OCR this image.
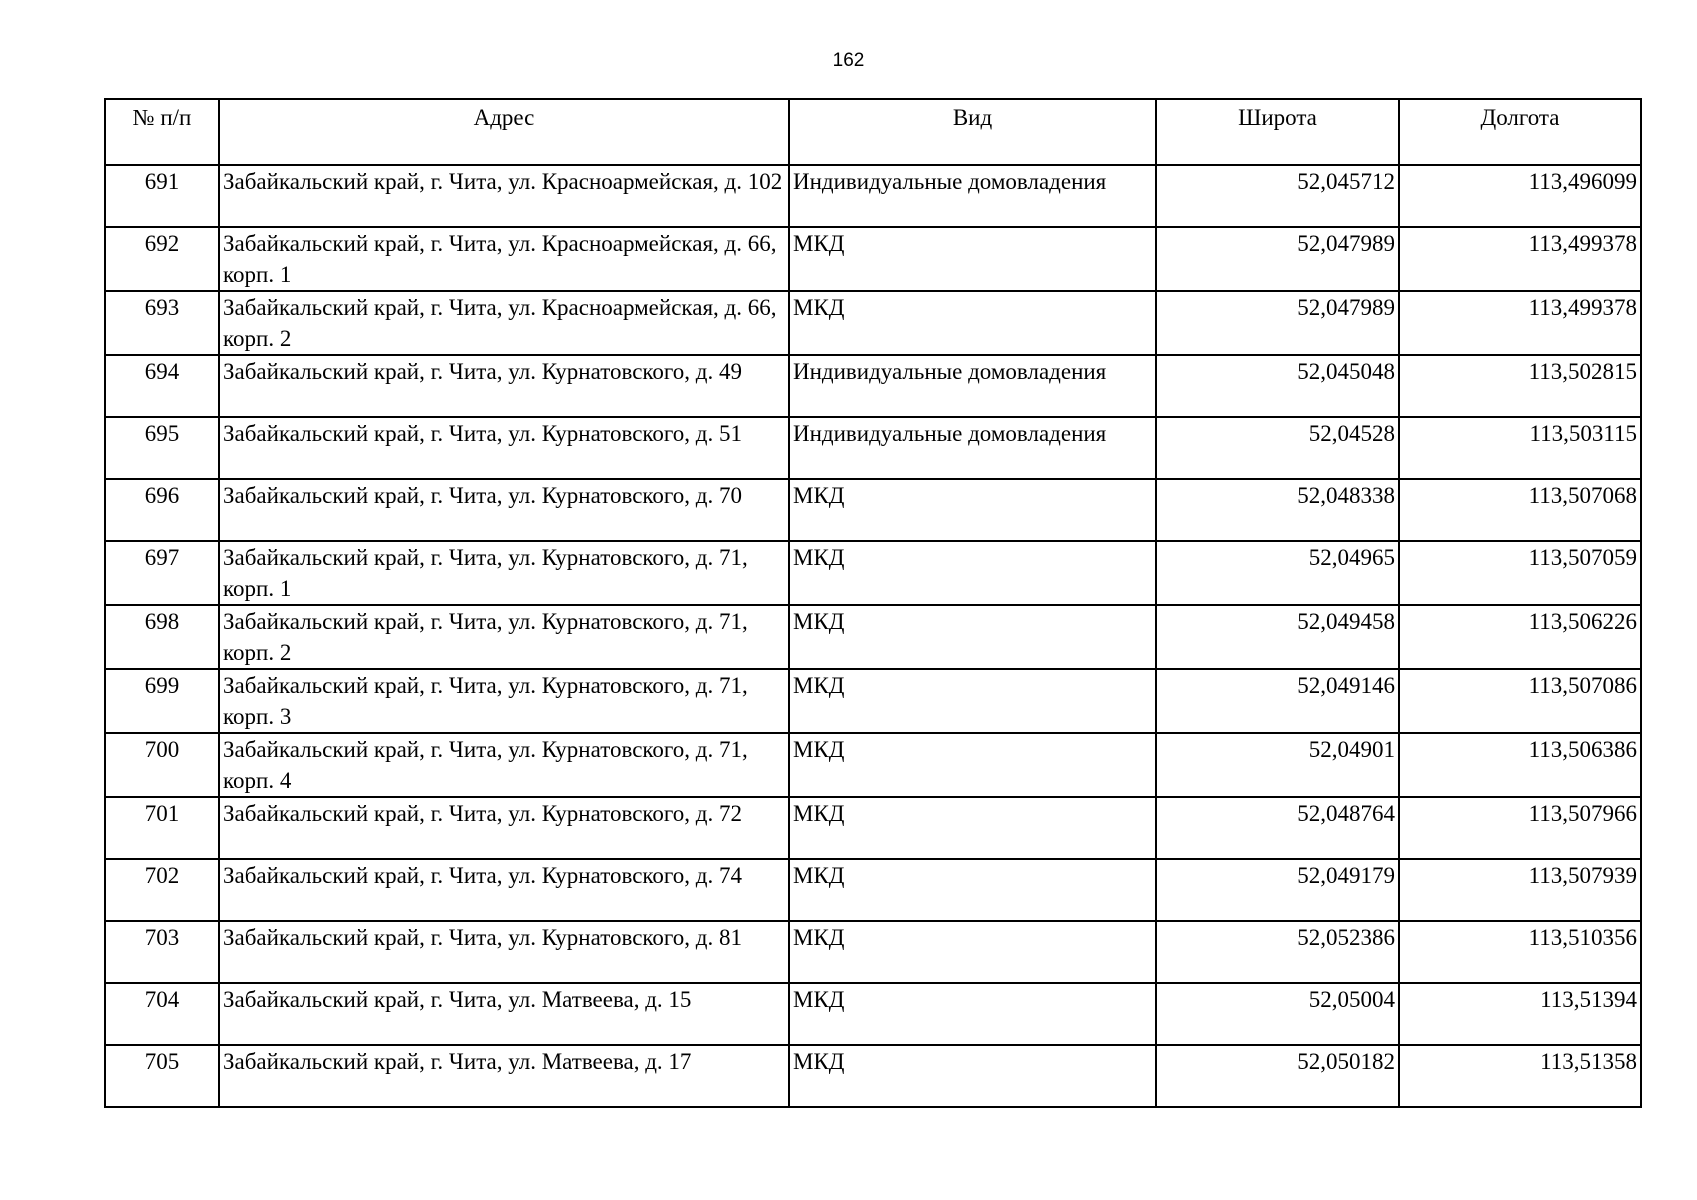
162
№ п/п	Адрес	Вид	Широта	Долгота
691	Забайкальский край, г. Чита, ул. Красноармейская, д. 102	Индивидуальные домовладения	52,045712	113,496099
692	Забайкальский край, г. Чита, ул. Красноармейская, д. 66, корп. 1	МКД	52,047989	113,499378
693	Забайкальский край, г. Чита, ул. Красноармейская, д. 66, корп. 2	МКД	52,047989	113,499378
694	Забайкальский край, г. Чита, ул. Курнатовского, д. 49	Индивидуальные домовладения	52,045048	113,502815
695	Забайкальский край, г. Чита, ул. Курнатовского, д. 51	Индивидуальные домовладения	52,04528	113,503115
696	Забайкальский край, г. Чита, ул. Курнатовского, д. 70	МКД	52,048338	113,507068
697	Забайкальский край, г. Чита, ул. Курнатовского, д. 71, корп. 1	МКД	52,04965	113,507059
698	Забайкальский край, г. Чита, ул. Курнатовского, д. 71, корп. 2	МКД	52,049458	113,506226
699	Забайкальский край, г. Чита, ул. Курнатовского, д. 71, корп. 3	МКД	52,049146	113,507086
700	Забайкальский край, г. Чита, ул. Курнатовского, д. 71, корп. 4	МКД	52,04901	113,506386
701	Забайкальский край, г. Чита, ул. Курнатовского, д. 72	МКД	52,048764	113,507966
702	Забайкальский край, г. Чита, ул. Курнатовского, д. 74	МКД	52,049179	113,507939
703	Забайкальский край, г. Чита, ул. Курнатовского, д. 81	МКД	52,052386	113,510356
704	Забайкальский край, г. Чита, ул. Матвеева, д. 15	МКД	52,05004	113,51394
705	Забайкальский край, г. Чита, ул. Матвеева, д. 17	МКД	52,050182	113,51358
